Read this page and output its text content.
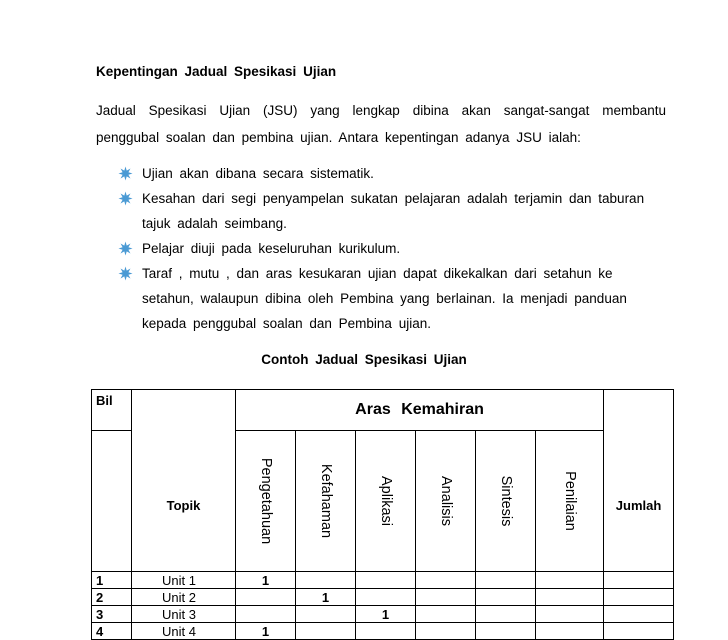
Kepentingan Jadual Spesikasi Ujian
Jadual Spesikasi Ujian (JSU) yang lengkap dibina akan sangat-sangat membantu penggubal soalan dan pembina ujian. Antara kepentingan adanya JSU ialah:
Ujian akan dibana secara sistematik.
Kesahan dari segi penyampelan sukatan pelajaran adalah terjamin dan taburan tajuk adalah seimbang.
Pelajar diuji pada keseluruhan kurikulum.
Taraf , mutu , dan aras kesukaran ujian dapat dikekalkan dari setahun ke setahun, walaupun dibina oleh Pembina yang berlainan. Ia menjadi panduan kepada penggubal soalan dan Pembina ujian.
Contoh Jadual Spesikasi Ujian
Bil	Topik	Aras Kemahiran						Jumlah

		Pengetahuan	Kefahaman	Aplikasi	Analisis	Sintesis	Penilaian	

1	Unit 1	1						
2	Unit 2		1					
3	Unit 3			1				
4	Unit 4	1						
